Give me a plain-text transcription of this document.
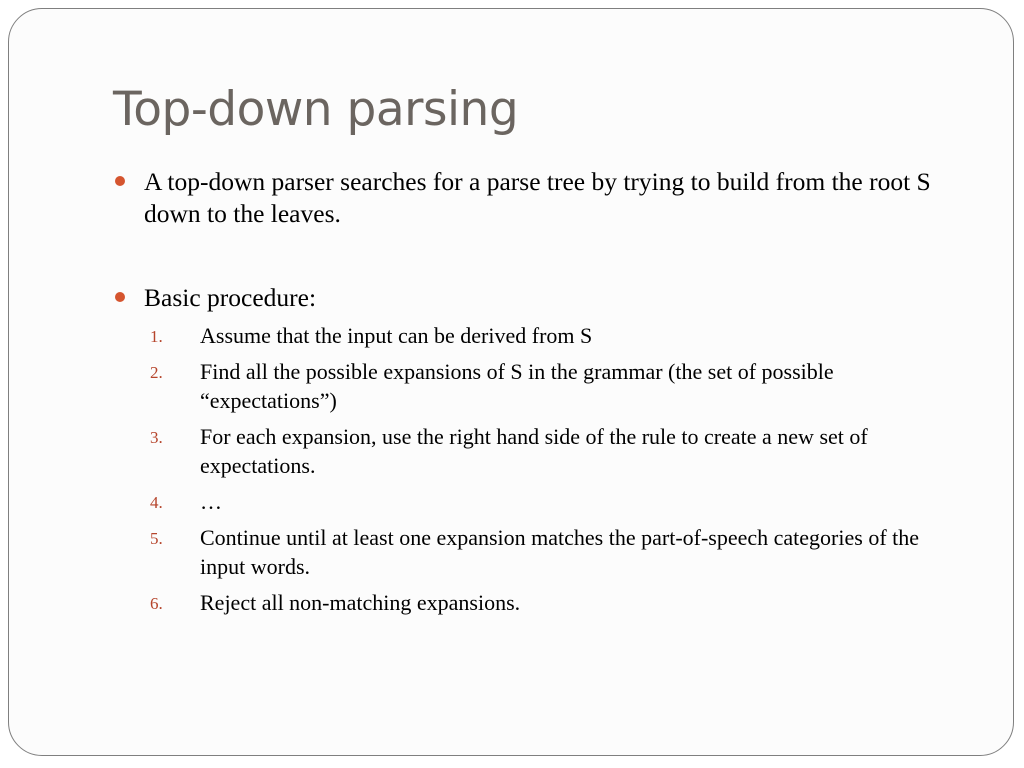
Top-down parsing
A top-down parser searches for a parse tree by trying to build from the root S down to the leaves.
Basic procedure:
1. Assume that the input can be derived from S
2. Find all the possible expansions of S in the grammar (the set of possible “expectations”)
3. For each expansion, use the right hand side of the rule to create a new set of expectations.
4. …
5. Continue until at least one expansion matches the part-of-speech categories of the input words.
6. Reject all non-matching expansions.
